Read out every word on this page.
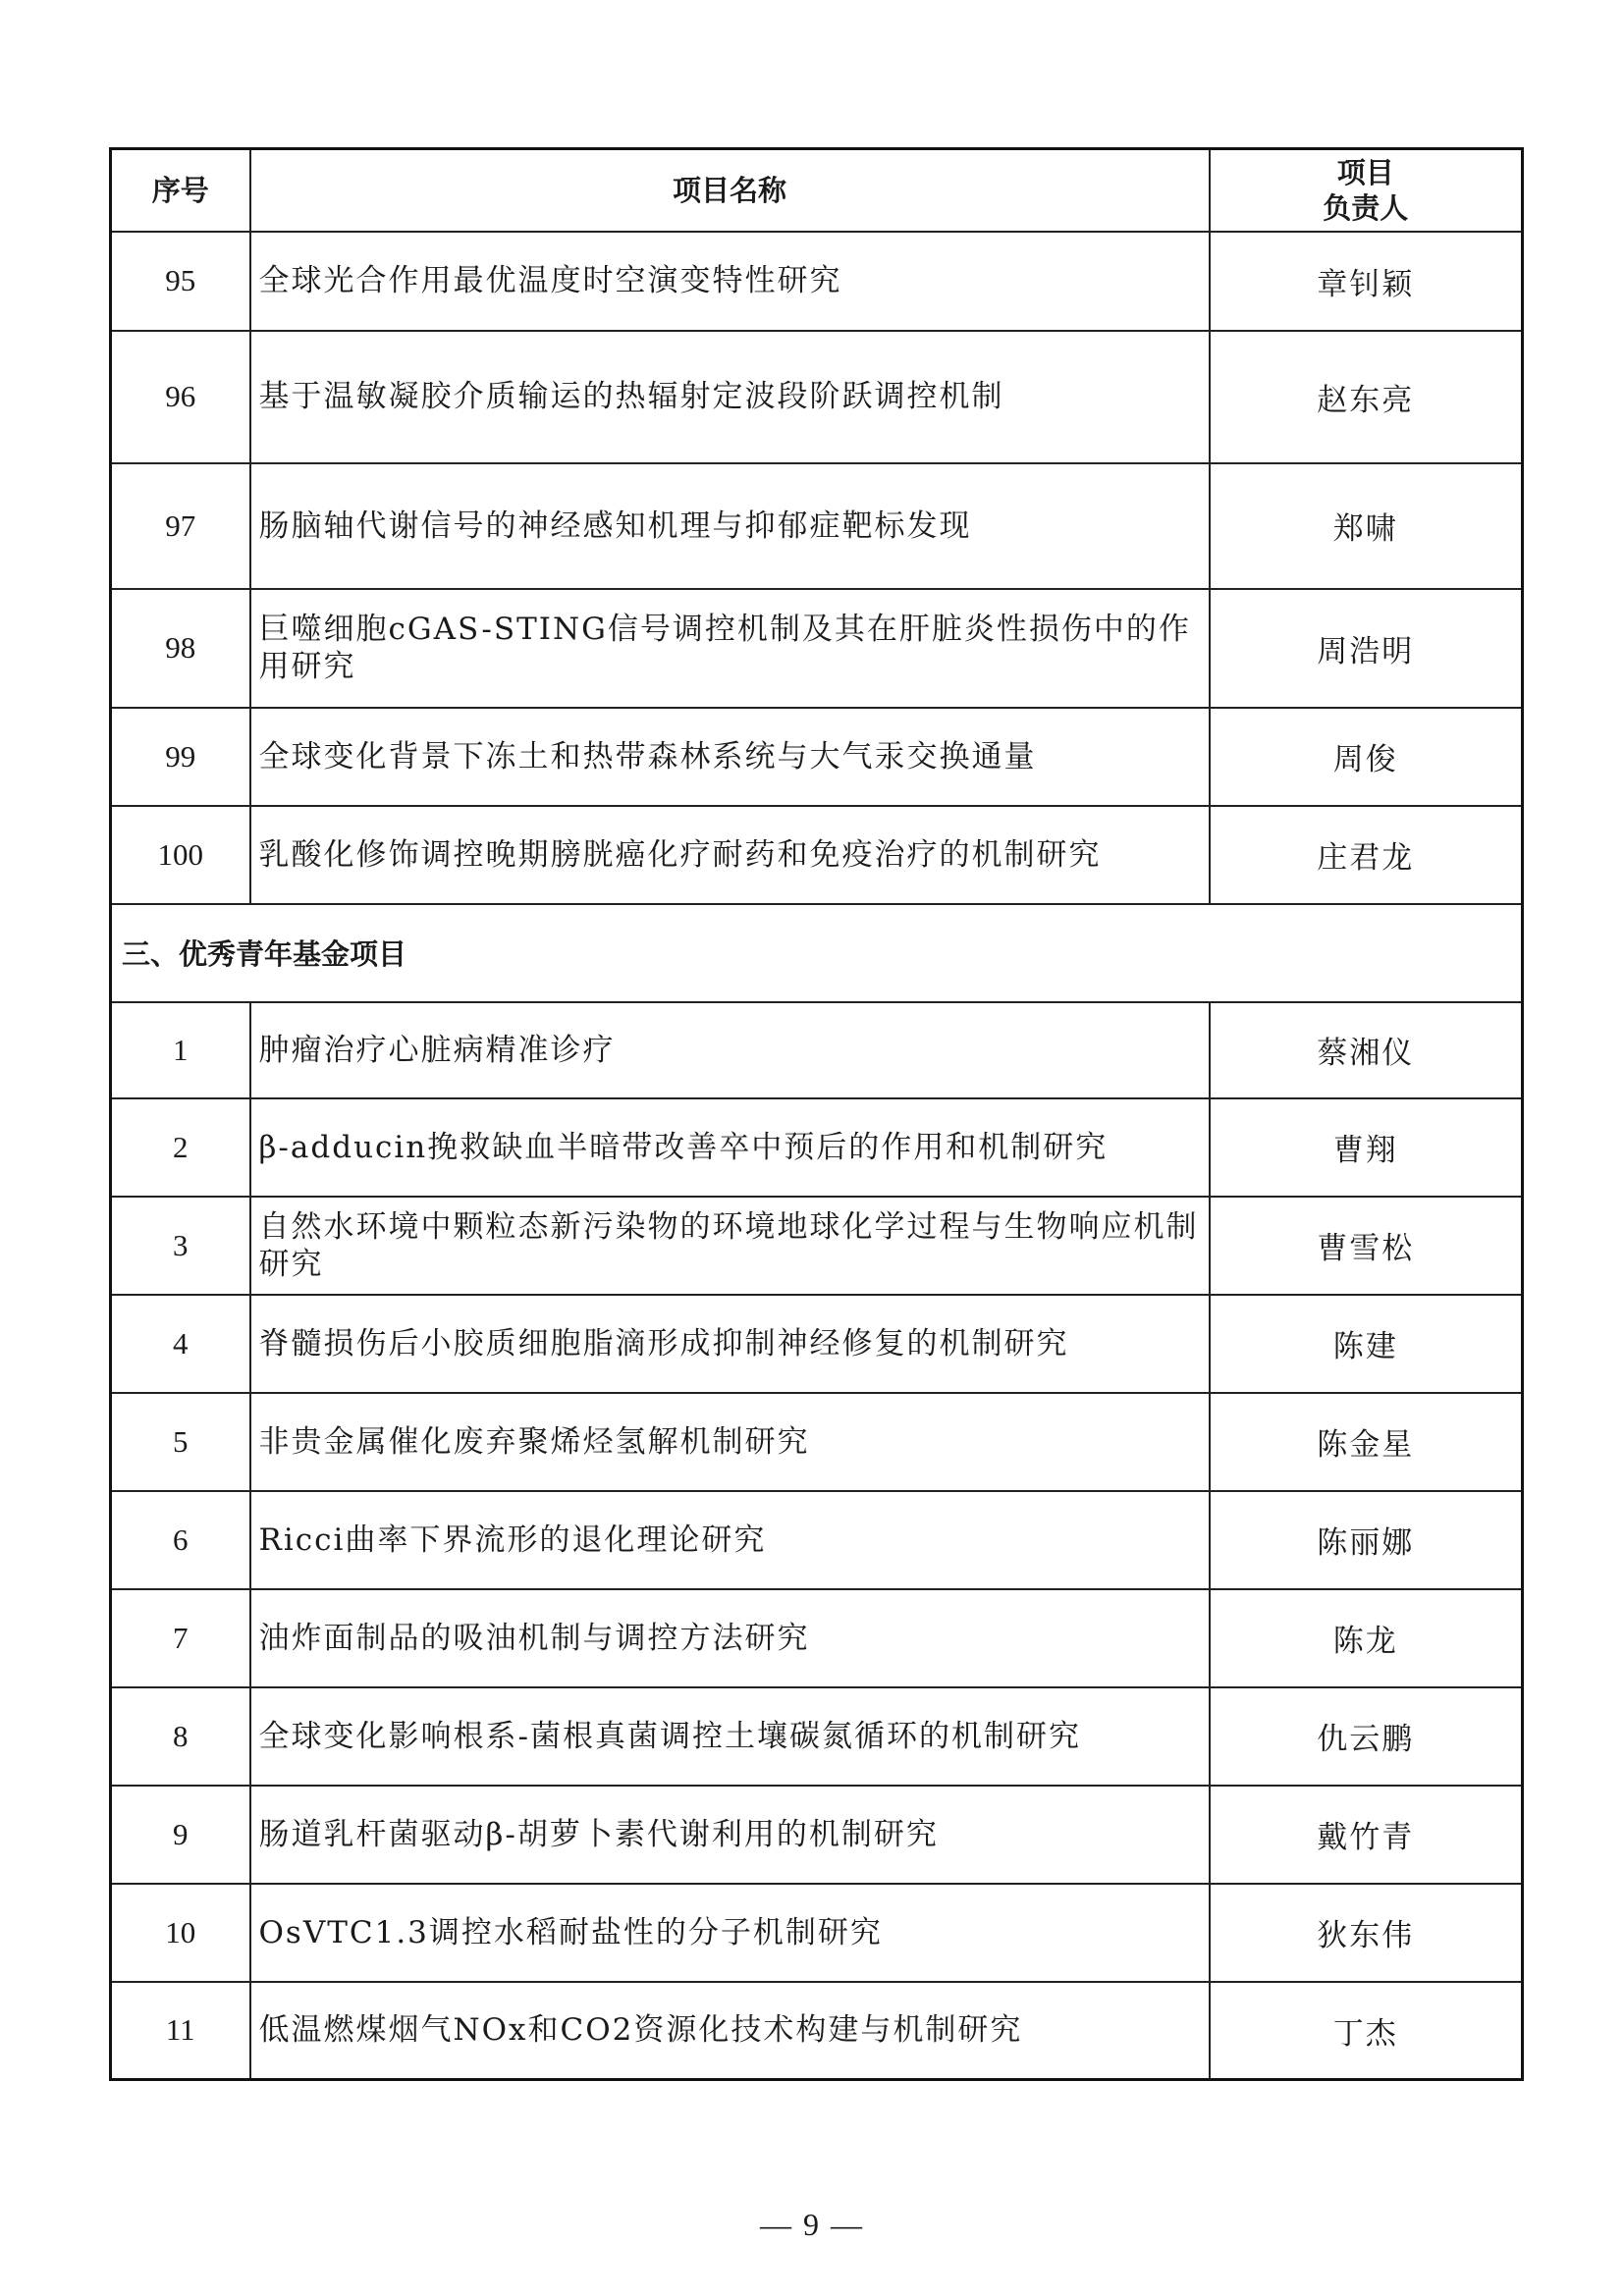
序号	项目名称	项目
负责人

95	全球光合作用最优温度时空演变特性研究	章钊颖
96	基于温敏凝胶介质输运的热辐射定波段阶跃调控机制	赵东亮
97	肠脑轴代谢信号的神经感知机理与抑郁症靶标发现	郑啸
98	巨噬细胞cGAS-STING信号调控机制及其在肝脏炎性损伤中的作用研究	周浩明
99	全球变化背景下冻土和热带森林系统与大气汞交换通量	周俊
100	乳酸化修饰调控晚期膀胱癌化疗耐药和免疫治疗的机制研究	庄君龙
三、优秀青年基金项目		
1	肿瘤治疗心脏病精准诊疗	蔡湘仪
2	β-adducin挽救缺血半暗带改善卒中预后的作用和机制研究	曹翔
3	自然水环境中颗粒态新污染物的环境地球化学过程与生物响应机制研究	曹雪松
4	脊髓损伤后小胶质细胞脂滴形成抑制神经修复的机制研究	陈建
5	非贵金属催化废弃聚烯烃氢解机制研究	陈金星
6	Ricci曲率下界流形的退化理论研究	陈丽娜
7	油炸面制品的吸油机制与调控方法研究	陈龙
8	全球变化影响根系-菌根真菌调控土壤碳氮循环的机制研究	仇云鹏
9	肠道乳杆菌驱动β-胡萝卜素代谢利用的机制研究	戴竹青
10	OsVTC1.3调控水稻耐盐性的分子机制研究	狄东伟
11	低温燃煤烟气NOx和CO2资源化技术构建与机制研究	丁杰
— 9 —
